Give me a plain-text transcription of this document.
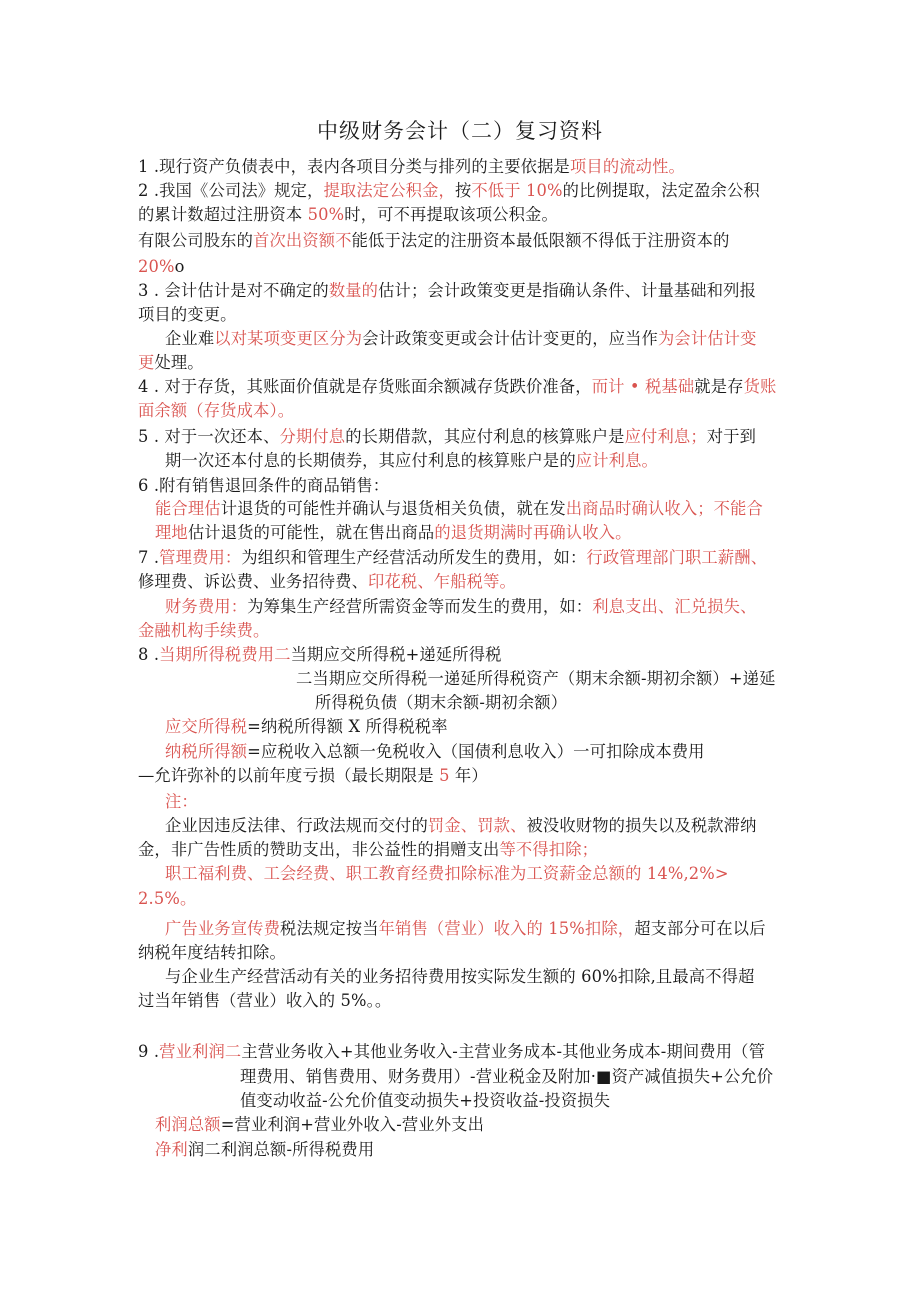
中级财务会计（二）复习资料
1 .现行资产负债表中，表内各项目分类与排列的主要依据是项目的流动性。
2 .我国《公司法》规定，提取法定公积金，按不低于 10%的比例提取，法定盈余公积
的累计数超过注册资本 50%时，可不再提取该项公积金。
有限公司股东的首次出资额不能低于法定的注册资本最低限额不得低于注册资本的
20%o
3 . 会计估计是对不确定的数量的估计；会计政策变更是指确认条件、计量基础和列报
项目的变更。
企业难以对某项变更区分为会计政策变更或会计估计变更的，应当作为会计估计变
更处理。
4 . 对于存货，其账面价值就是存货账面余额减存货跌价准备，而计 • 税基础就是存货账
面余额（存货成本）。
5 . 对于一次还本、分期付息的长期借款，其应付利息的核算账户是应付利息；对于到
期一次还本付息的长期债券，其应付利息的核算账户是的应计利息。
6 .附有销售退回条件的商品销售：
能合理估计退货的可能性并确认与退货相关负债，就在发出商品时确认收入；不能合
理地估计退货的可能性，就在售出商品的退货期满时再确认收入。
7 .管理费用：为组织和管理生产经营活动所发生的费用，如：行政管理部门职工薪酬、
修理费、诉讼费、业务招待费、印花税、乍船税等。
财务费用：为筹集生产经营所需资金等而发生的费用，如：利息支出、汇兑损失、
金融机构手续费。
8 .当期所得税费用二当期应交所得税+递延所得税
二当期应交所得税一递延所得税资产（期末余额-期初余额）+递延
所得税负债（期末余额-期初余额）
应交所得税=纳税所得额 X 所得税税率
纳税所得额=应税收入总额一免税收入（国债利息收入）一可扣除成本费用
—允许弥补的以前年度亏损（最长期限是 5 年）
注：
企业因违反法律、行政法规而交付的罚金、罚款、被没收财物的损失以及税款滞纳
金，非广告性质的赞助支出，非公益性的捐赠支出等不得扣除；
职工福利费、工会经费、职工教育经费扣除标准为工资薪金总额的 14%,2%>
2.5%。
广告业务宣传费税法规定按当年销售（营业）收入的 15%扣除，超支部分可在以后
纳税年度结转扣除。
与企业生产经营活动有关的业务招待费用按实际发生额的 60%扣除,且最高不得超
过当年销售（营业）收入的 5%。。
9 .营业利润二主营业务收入+其他业务收入-主营业务成本-其他业务成本-期间费用（管
理费用、销售费用、财务费用）-营业税金及附加·■资产减值损失+公允价
值变动收益-公允价值变动损失+投资收益-投资损失
利润总额=营业利润+营业外收入-营业外支出
净利润二利润总额-所得税费用
